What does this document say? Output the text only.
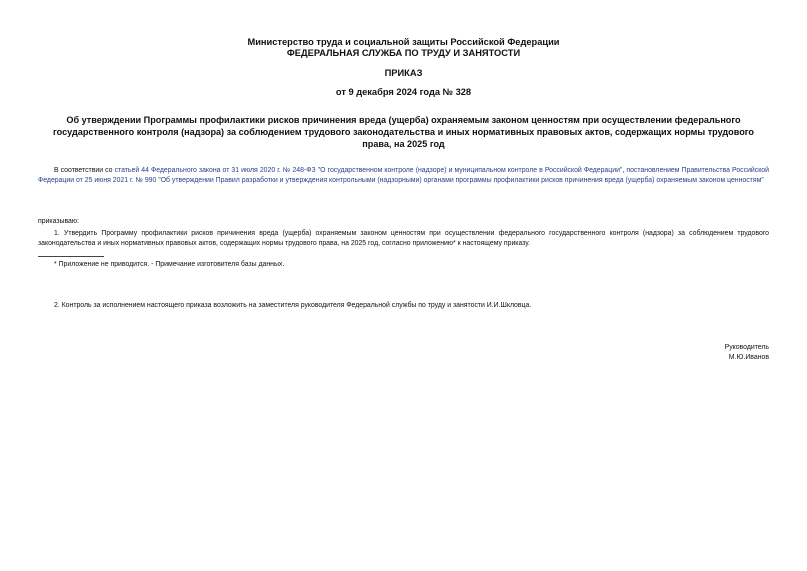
Министерство труда и социальной защиты Российской Федерации
ФЕДЕРАЛЬНАЯ СЛУЖБА ПО ТРУДУ И ЗАНЯТОСТИ
ПРИКАЗ
от 9 декабря 2024 года № 328
Об утверждении Программы профилактики рисков причинения вреда (ущерба) охраняемым законом ценностям при осуществлении федерального государственного контроля (надзора) за соблюдением трудового законодательства и иных нормативных правовых актов, содержащих нормы трудового права, на 2025 год
В соответствии со статьей 44 Федерального закона от 31 июля 2020 г. № 248-ФЗ "О государственном контроле (надзоре) и муниципальном контроле в Российской Федерации", постановлением Правительства Российской Федерации от 25 июня 2021 г. № 990 "Об утверждении Правил разработки и утверждения контрольными (надзорными) органами программы профилактики рисков причинения вреда (ущерба) охраняемым законом ценностям"
приказываю:
1. Утвердить Программу профилактики рисков причинения вреда (ущерба) охраняемым законом ценностям при осуществлении федерального государственного контроля (надзора) за соблюдением трудового законодательства и иных нормативных правовых актов, содержащих нормы трудового права, на 2025 год, согласно приложению* к настоящему приказу.
* Приложение не приводится. - Примечание изготовителя базы данных.
2. Контроль за исполнением настоящего приказа возложить на заместителя руководителя Федеральной службы по труду и занятости И.И.Шкловца.
Руководитель
М.Ю.Иванов
